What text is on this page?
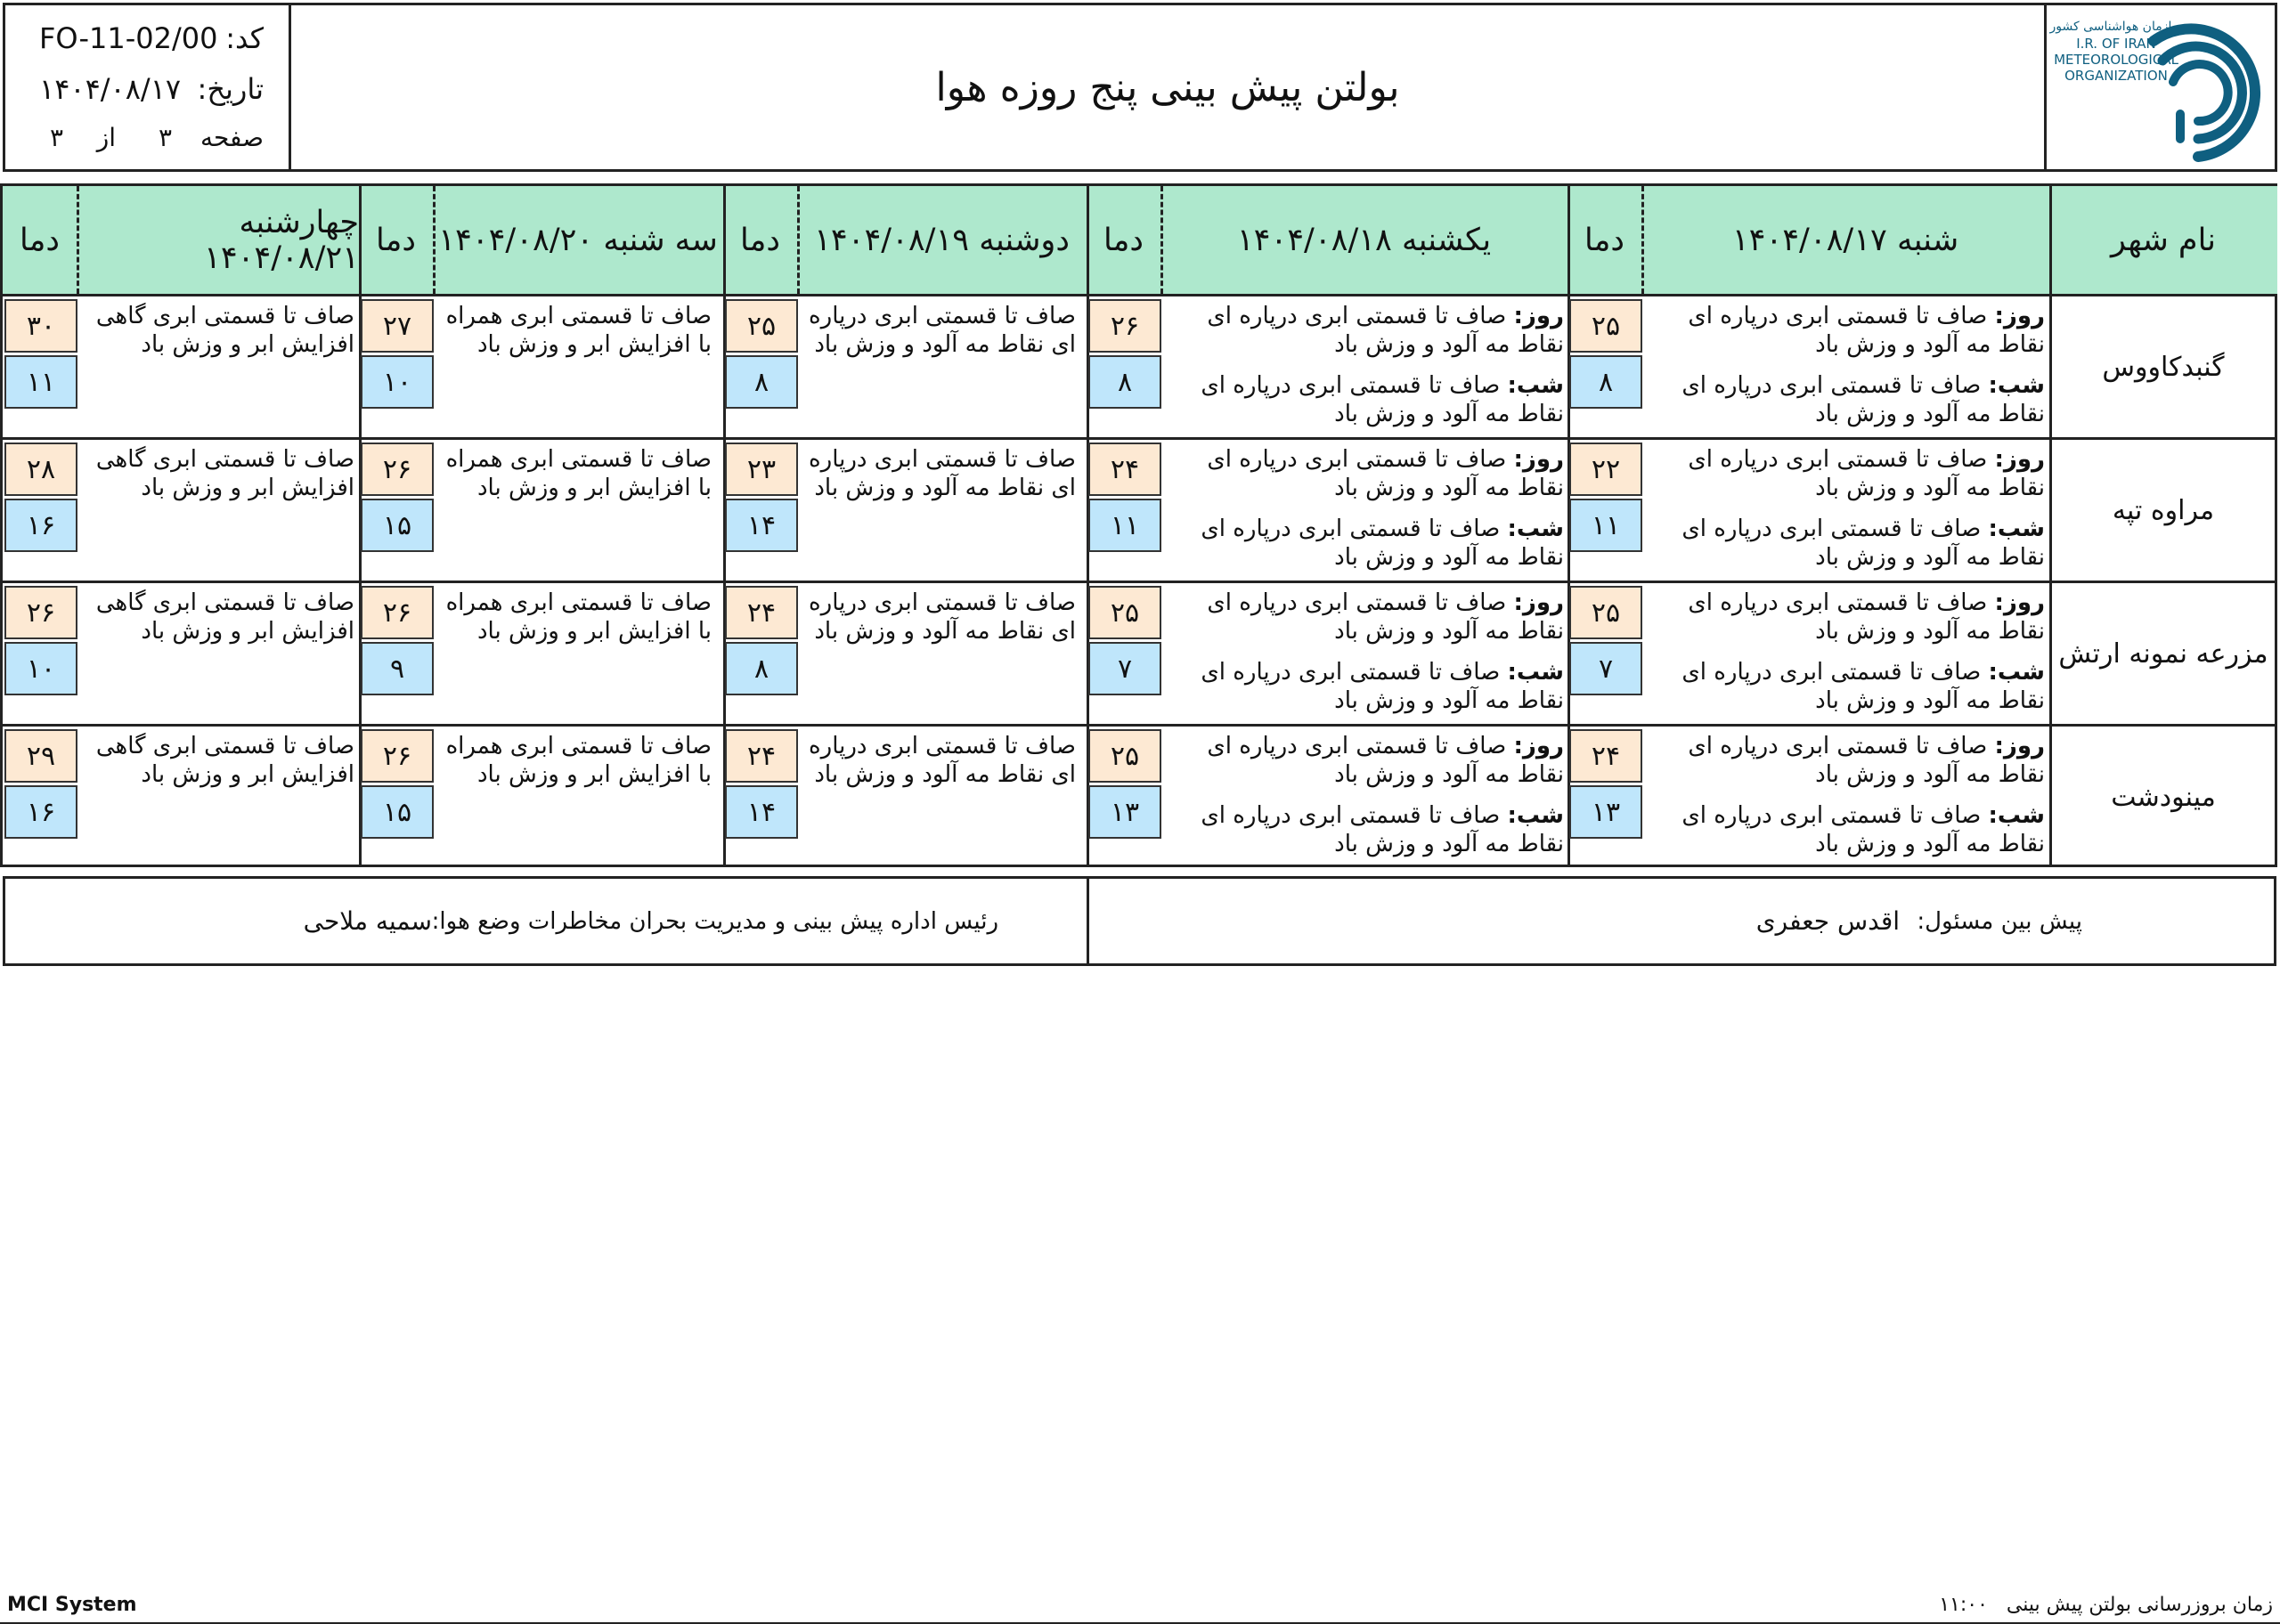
کد:
FO-11-02/00
تاریخ:
۱۴۰۴/۰۸/۱۷
صفحه
۳
از
۳
بولتن پیش بینی پنج روزه هوا
سازمان هواشناسی کشور
I.R. OF IRAN
METEOROLOGICAL
ORGANIZATION
نام شهر
شنبه ۱۴۰۴/۰۸/۱۷
دما
یکشنبه ۱۴۰۴/۰۸/۱۸
دما
دوشنبه ۱۴۰۴/۰۸/۱۹
دما
سه شنبه ۱۴۰۴/۰۸/۲۰
دما
چهارشنبه ۱۴۰۴/۰۸/۲۱
دما
گنبدکاووس
روز: صاف تا قسمتی ابری درپاره ای نقاط مه آلود و وزش باد
شب: صاف تا قسمتی ابری درپاره ای نقاط مه آلود و وزش باد
۲۵
۸
روز: صاف تا قسمتی ابری درپاره ای نقاط مه آلود و وزش باد
شب: صاف تا قسمتی ابری درپاره ای نقاط مه آلود و وزش باد
۲۶
۸
صاف تا قسمتی ابری درپاره ای نقاط مه آلود و وزش باد
۲۵
۸
صاف تا قسمتی ابری همراه با افزایش ابر و وزش باد
۲۷
۱۰
صاف تا قسمتی ابری گاهی افزایش ابر و وزش باد
۳۰
۱۱
مراوه تپه
روز: صاف تا قسمتی ابری درپاره ای نقاط مه آلود و وزش باد
شب: صاف تا قسمتی ابری درپاره ای نقاط مه آلود و وزش باد
۲۲
۱۱
روز: صاف تا قسمتی ابری درپاره ای نقاط مه آلود و وزش باد
شب: صاف تا قسمتی ابری درپاره ای نقاط مه آلود و وزش باد
۲۴
۱۱
صاف تا قسمتی ابری درپاره ای نقاط مه آلود و وزش باد
۲۳
۱۴
صاف تا قسمتی ابری همراه با افزایش ابر و وزش باد
۲۶
۱۵
صاف تا قسمتی ابری گاهی افزایش ابر و وزش باد
۲۸
۱۶
مزرعه نمونه ارتش
روز: صاف تا قسمتی ابری درپاره ای نقاط مه آلود و وزش باد
شب: صاف تا قسمتی ابری درپاره ای نقاط مه آلود و وزش باد
۲۵
۷
روز: صاف تا قسمتی ابری درپاره ای نقاط مه آلود و وزش باد
شب: صاف تا قسمتی ابری درپاره ای نقاط مه آلود و وزش باد
۲۵
۷
صاف تا قسمتی ابری درپاره ای نقاط مه آلود و وزش باد
۲۴
۸
صاف تا قسمتی ابری همراه با افزایش ابر و وزش باد
۲۶
۹
صاف تا قسمتی ابری گاهی افزایش ابر و وزش باد
۲۶
۱۰
مینودشت
روز: صاف تا قسمتی ابری درپاره ای نقاط مه آلود و وزش باد
شب: صاف تا قسمتی ابری درپاره ای نقاط مه آلود و وزش باد
۲۴
۱۳
روز: صاف تا قسمتی ابری درپاره ای نقاط مه آلود و وزش باد
شب: صاف تا قسمتی ابری درپاره ای نقاط مه آلود و وزش باد
۲۵
۱۳
صاف تا قسمتی ابری درپاره ای نقاط مه آلود و وزش باد
۲۴
۱۴
صاف تا قسمتی ابری همراه با افزایش ابر و وزش باد
۲۶
۱۵
صاف تا قسمتی ابری گاهی افزایش ابر و وزش باد
۲۹
۱۶
پیش بین مسئول:
اقدس جعفری
رئیس اداره پیش بینی و مدیریت بحران مخاطرات وضع هوا:
سمیه ملاحی
MCI System	زمان بروزرسانی بولتن پیش بینی ۱۱:۰۰
